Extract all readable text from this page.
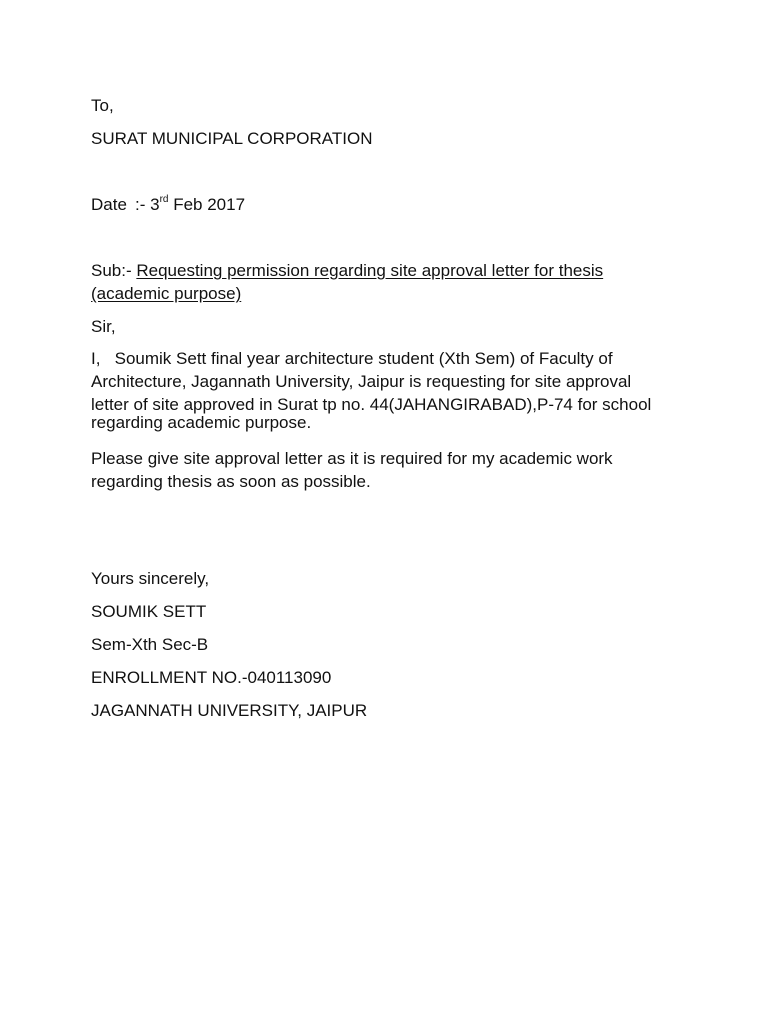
To,
SURAT MUNICIPAL CORPORATION
Date :- 3rd Feb 2017
Sub:- Requesting permission regarding site approval letter for thesis
(academic purpose)
Sir,
I,   Soumik Sett final year architecture student (Xth Sem) of Faculty of
Architecture, Jagannath University, Jaipur is requesting for site approval
letter of site approved in Surat tp no. 44(JAHANGIRABAD),P-74 for school
regarding academic purpose.
Please give site approval letter as it is required for my academic work
regarding thesis as soon as possible.
Yours sincerely,
SOUMIK SETT
Sem-Xth Sec-B
ENROLLMENT NO.-040113090
JAGANNATH UNIVERSITY, JAIPUR
